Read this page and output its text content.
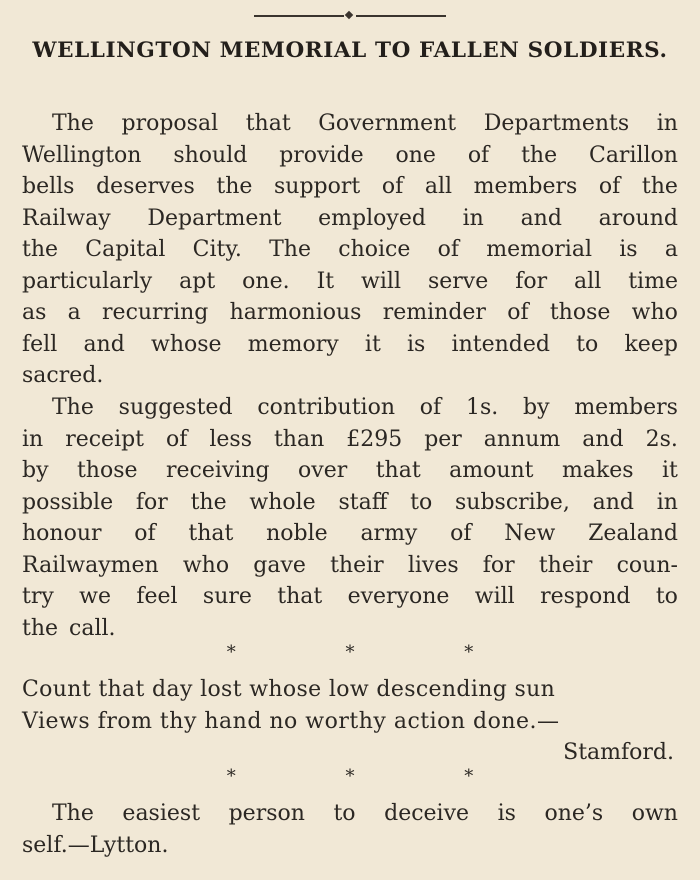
WELLINGTON MEMORIAL TO FALLEN SOLDIERS.
The proposal that Government Departments in
Wellington should provide one of the Carillon
bells deserves the support of all members of the
Railway Department employed in and around
the Capital City. The choice of memorial is a
particularly apt one. It will serve for all time
as a recurring harmonious reminder of those who
fell and whose memory it is intended to keep
sacred.
The suggested contribution of 1s. by members
in receipt of less than £295 per annum and 2s.
by those receiving over that amount makes it
possible for the whole staff to subscribe, and in
honour of that noble army of New Zealand
Railwaymen who gave their lives for their coun-
try we feel sure that everyone will respond to
the call.
* * *
Count that day lost whose low descending sun
Views from thy hand no worthy action done.—
Stamford.
* * *
The easiest person to deceive is one’s own
self.—Lytton.
